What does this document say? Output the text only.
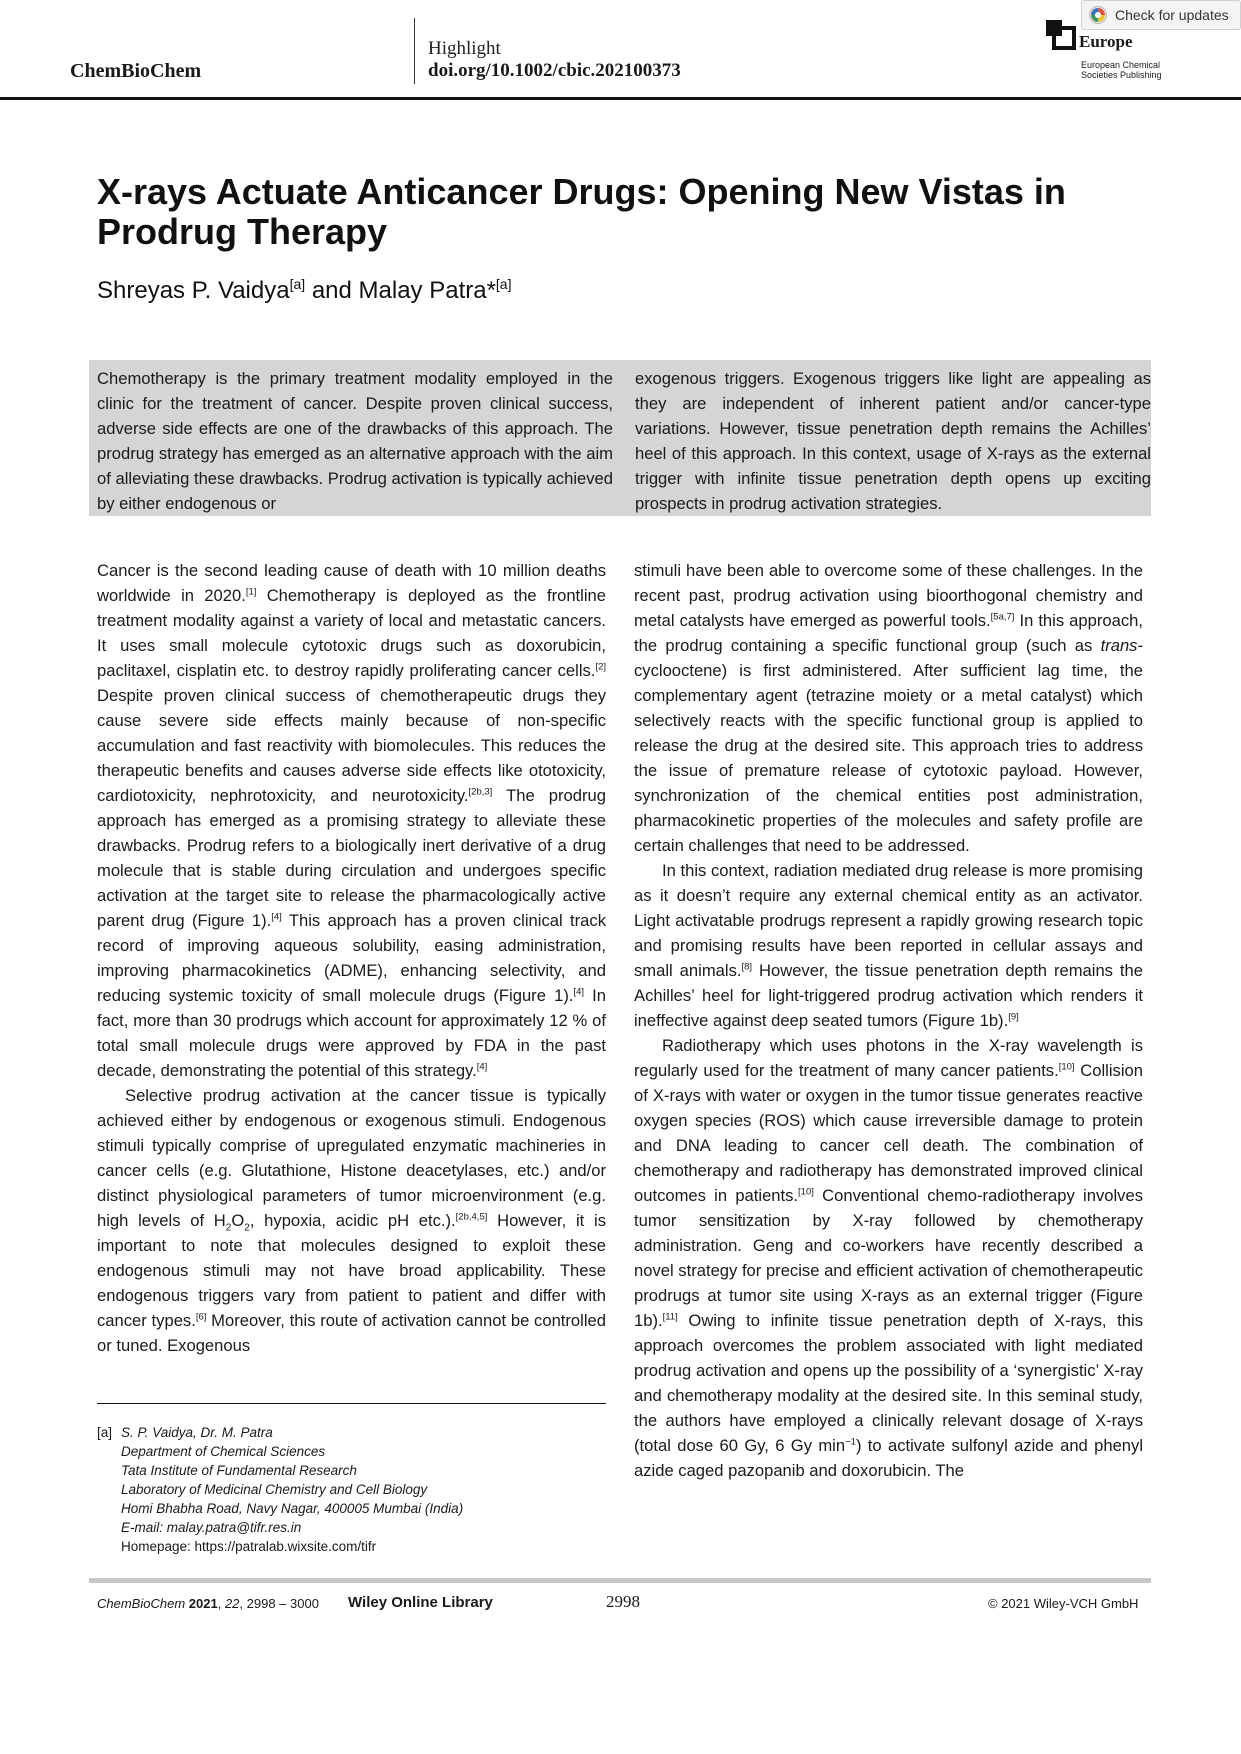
ChemBioChem
Highlight
doi.org/10.1002/cbic.202100373
Europe
European Chemical
Societies Publishing
Check for updates
X-rays Actuate Anticancer Drugs: Opening New Vistas in Prodrug Therapy
Shreyas P. Vaidya[a] and Malay Patra*[a]
Chemotherapy is the primary treatment modality employed in the clinic for the treatment of cancer. Despite proven clinical success, adverse side effects are one of the drawbacks of this approach. The prodrug strategy has emerged as an alternative approach with the aim of alleviating these drawbacks. Prodrug activation is typically achieved by either endogenous or
exogenous triggers. Exogenous triggers like light are appealing as they are independent of inherent patient and/or cancer-type variations. However, tissue penetration depth remains the Achilles’ heel of this approach. In this context, usage of X-rays as the external trigger with infinite tissue penetration depth opens up exciting prospects in prodrug activation strategies.

Cancer is the second leading cause of death with 10 million deaths worldwide in 2020.[1] Chemotherapy is deployed as the frontline treatment modality against a variety of local and metastatic cancers. It uses small molecule cytotoxic drugs such as doxorubicin, paclitaxel, cisplatin etc. to destroy rapidly proliferating cancer cells.[2] Despite proven clinical success of chemotherapeutic drugs they cause severe side effects mainly because of non-specific accumulation and fast reactivity with biomolecules. This reduces the therapeutic benefits and causes adverse side effects like ototoxicity, cardiotoxicity, nephrotoxicity, and neurotoxicity.[2b,3] The prodrug approach has emerged as a promising strategy to alleviate these drawbacks. Prodrug refers to a biologically inert derivative of a drug molecule that is stable during circulation and undergoes specific activation at the target site to release the pharmacologically active parent drug (Figure 1).[4] This approach has a proven clinical track record of improving aqueous solubility, easing administration, improving pharmacokinetics (ADME), enhancing selectivity, and reducing systemic toxicity of small molecule drugs (Figure 1).[4] In fact, more than 30 prodrugs which account for approximately 12 % of total small molecule drugs were approved by FDA in the past decade, demonstrating the potential of this strategy.[4]

Selective prodrug activation at the cancer tissue is typically achieved either by endogenous or exogenous stimuli. Endogenous stimuli typically comprise of upregulated enzymatic machineries in cancer cells (e.g. Glutathione, Histone deacetylases, etc.) and/or distinct physiological parameters of tumor microenvironment (e.g. high levels of $H_2O_2$, hypoxia, acidic pH etc.).[2b,4,5] However, it is important to note that molecules designed to exploit these endogenous stimuli may not have broad applicability. These endogenous triggers vary from patient to patient and differ with cancer types.[6] Moreover, this route of activation cannot be controlled or tuned. Exogenous

[a] S. P. Vaidya, Dr. M. Patra
Department of Chemical Sciences
Tata Institute of Fundamental Research
Laboratory of Medicinal Chemistry and Cell Biology
Homi Bhabha Road, Navy Nagar, 400005 Mumbai (India)
E-mail: malay.patra@tifr.res.in
Homepage: https://patralab.wixsite.com/tifr

stimuli have been able to overcome some of these challenges. In the recent past, prodrug activation using bioorthogonal chemistry and metal catalysts have emerged as powerful tools.[5a,7] In this approach, the prodrug containing a specific functional group (such as trans-cyclooctene) is first administered. After sufficient lag time, the complementary agent (tetrazine moiety or a metal catalyst) which selectively reacts with the specific functional group is applied to release the drug at the desired site. This approach tries to address the issue of premature release of cytotoxic payload. However, synchronization of the chemical entities post administration, pharmacokinetic properties of the molecules and safety profile are certain challenges that need to be addressed.

In this context, radiation mediated drug release is more promising as it doesn’t require any external chemical entity as an activator. Light activatable prodrugs represent a rapidly growing research topic and promising results have been reported in cellular assays and small animals.[8] However, the tissue penetration depth remains the Achilles’ heel for light-triggered prodrug activation which renders it ineffective against deep seated tumors (Figure 1b).[9]

Radiotherapy which uses photons in the X-ray wavelength is regularly used for the treatment of many cancer patients.[10] Collision of X-rays with water or oxygen in the tumor tissue generates reactive oxygen species (ROS) which cause irreversible damage to protein and DNA leading to cancer cell death. The combination of chemotherapy and radiotherapy has demonstrated improved clinical outcomes in patients.[10] Conventional chemo-radiotherapy involves tumor sensitization by X-ray followed by chemotherapy administration. Geng and co-workers have recently described a novel strategy for precise and efficient activation of chemotherapeutic prodrugs at tumor site using X-rays as an external trigger (Figure 1b).[11] Owing to infinite tissue penetration depth of X-rays, this approach overcomes the problem associated with light mediated prodrug activation and opens up the possibility of a ‘synergistic’ X-ray and chemotherapy modality at the desired site. In this seminal study, the authors have employed a clinically relevant dosage of X-rays (total dose 60 Gy, 6 Gy $\min^{-1}$) to activate sulfonyl azide and phenyl azide caged pazopanib and doxorubicin. The

ChemBioChem 2021, 22, 2998 – 3000 Wiley Online Library	2998	© 2021 Wiley-VCH GmbH
